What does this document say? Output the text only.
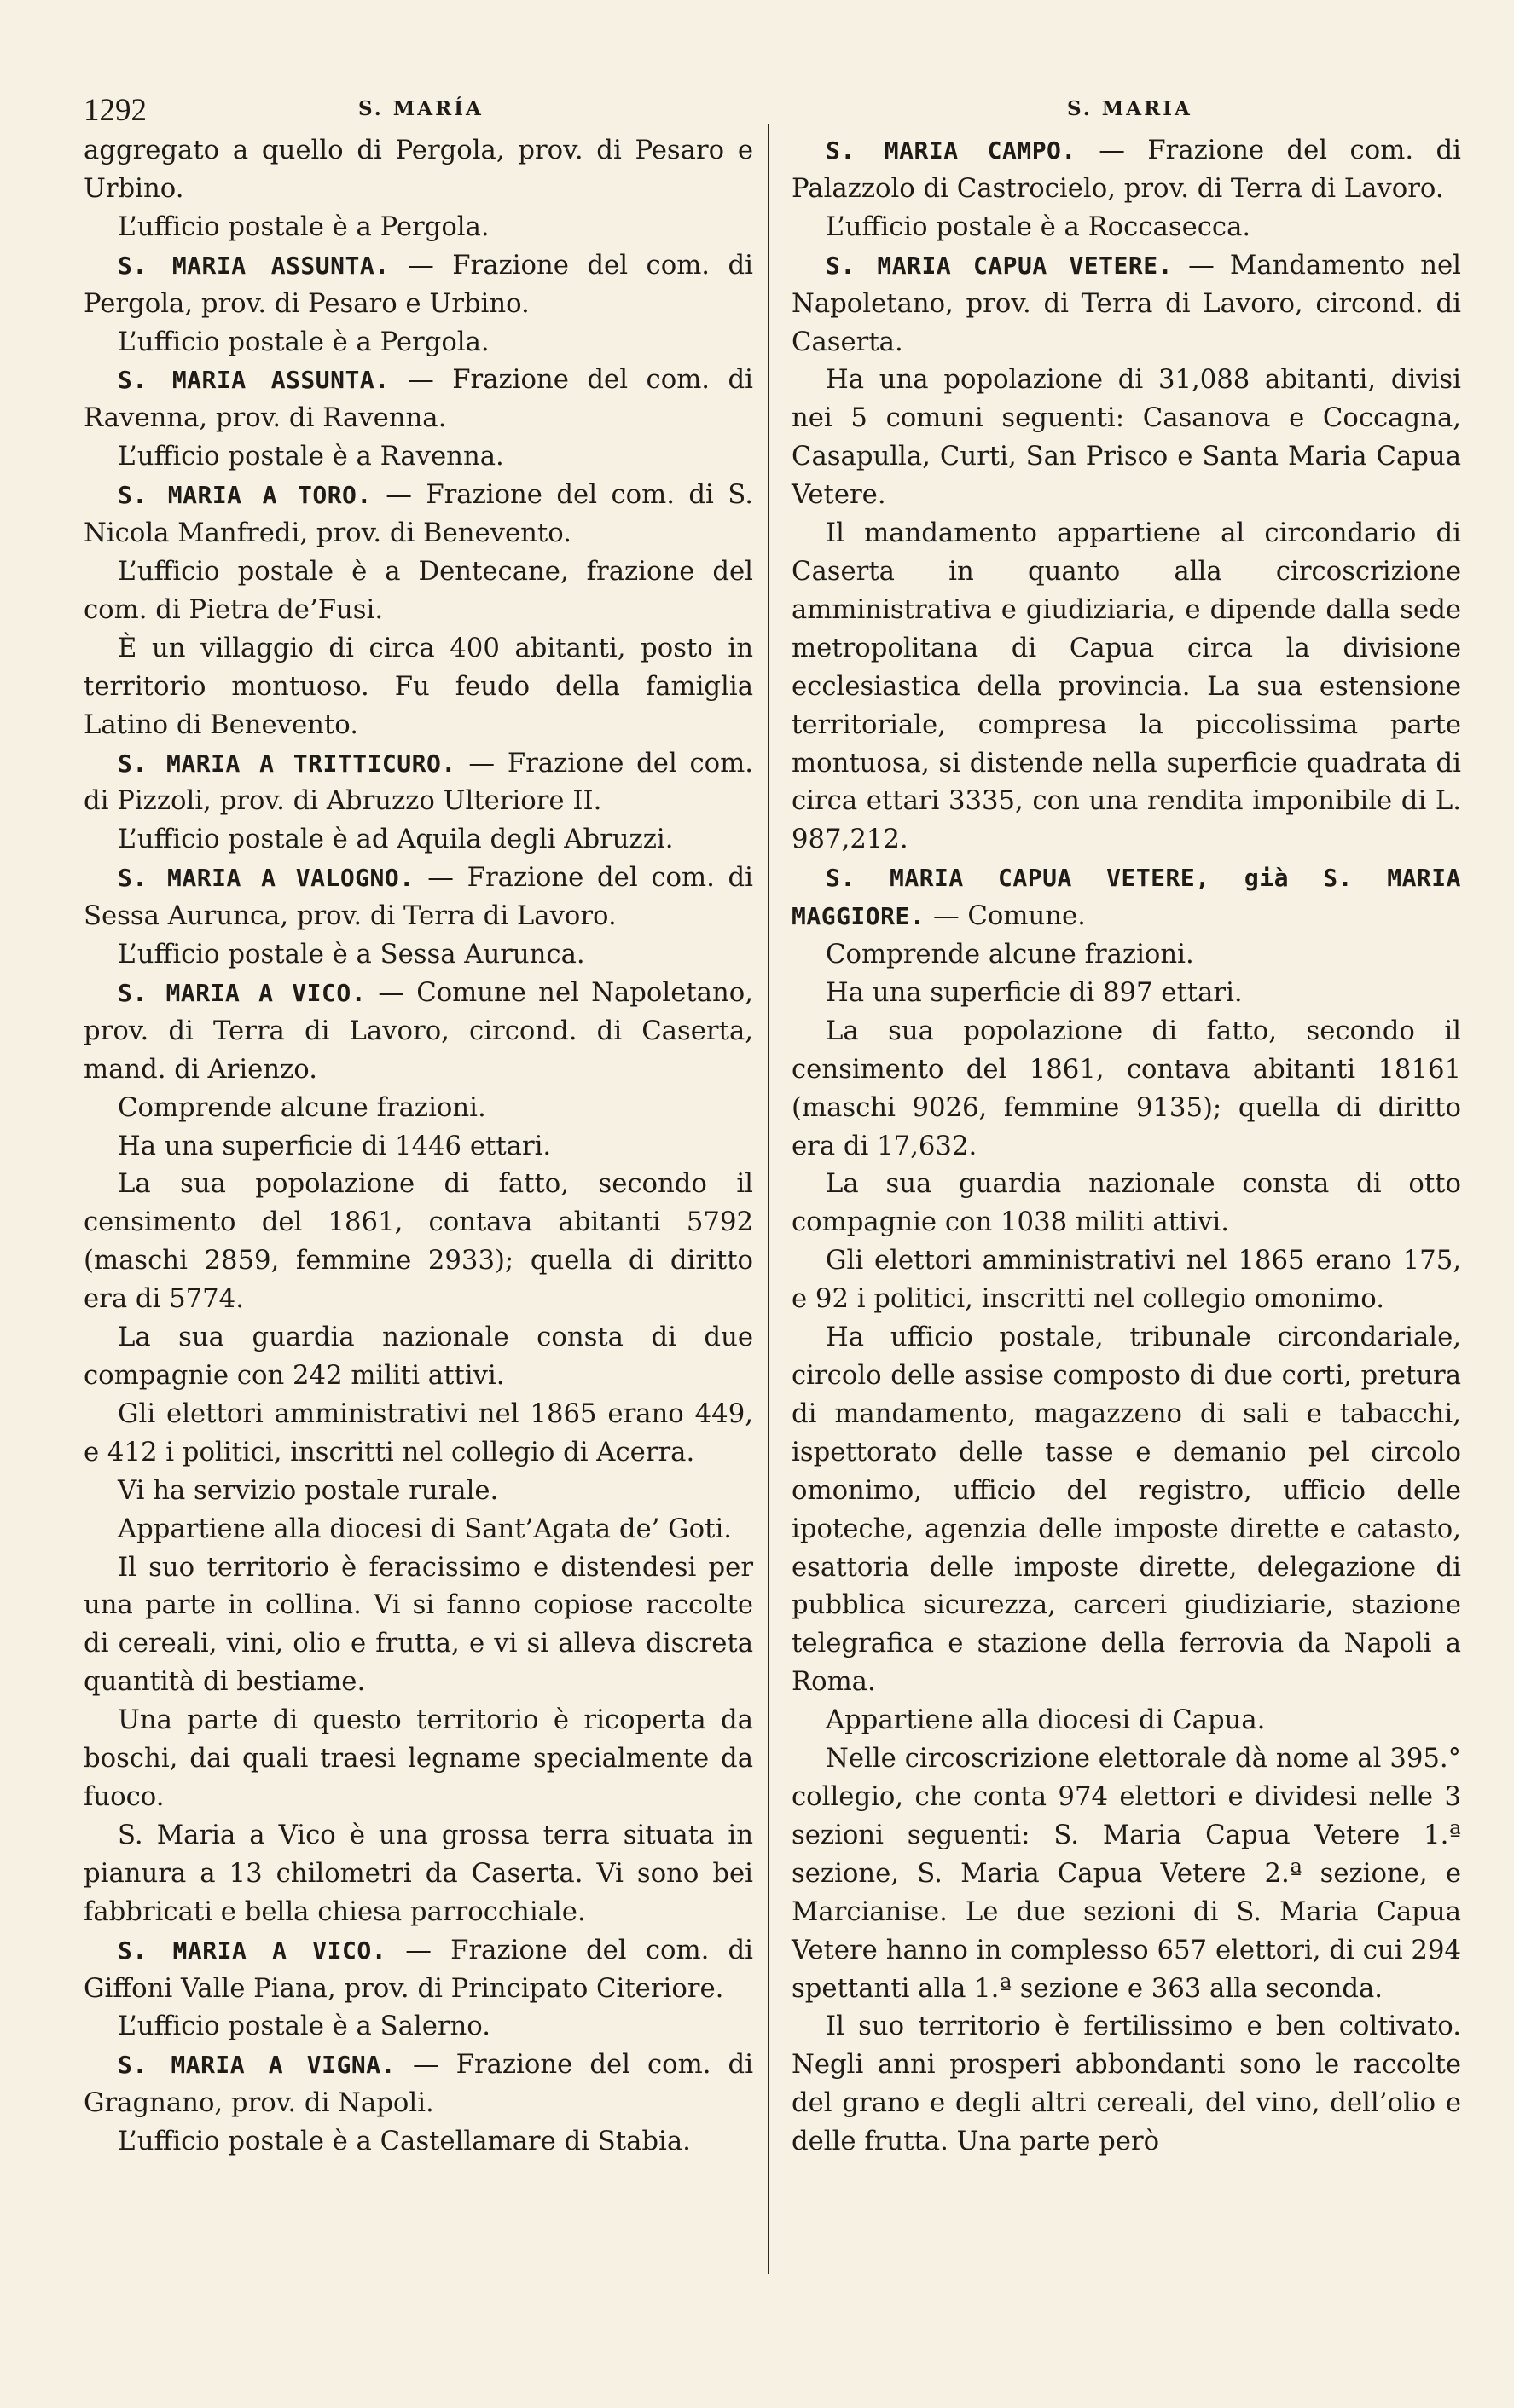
1292	S. MARÍA	S. MARIA

aggregato a quello di Pergola, prov. di Pesaro e Urbino.

L’ufficio postale è a Pergola.

S. MARIA ASSUNTA. — Frazione del com. di Pergola, prov. di Pesaro e Urbino.

L’ufficio postale è a Pergola.

S. MARIA ASSUNTA. — Frazione del com. di Ravenna, prov. di Ravenna.

L’ufficio postale è a Ravenna.

S. MARIA A TORO. — Frazione del com. di S. Nicola Manfredi, prov. di Benevento.

L’ufficio postale è a Dentecane, frazione del com. di Pietra de’Fusi.

È un villaggio di circa 400 abitanti, posto in territorio montuoso. Fu feudo della famiglia Latino di Benevento.

S. MARIA A TRITTICURO. — Frazione del com. di Pizzoli, prov. di Abruzzo Ulteriore II.

L’ufficio postale è ad Aquila degli Abruzzi.

S. MARIA A VALOGNO. — Frazione del com. di Sessa Aurunca, prov. di Terra di Lavoro.

L’ufficio postale è a Sessa Aurunca.

S. MARIA A VICO. — Comune nel Napoletano, prov. di Terra di Lavoro, circond. di Caserta, mand. di Arienzo.

Comprende alcune frazioni.

Ha una superficie di 1446 ettari.

La sua popolazione di fatto, secondo il censimento del 1861, contava abitanti 5792 (maschi 2859, femmine 2933); quella di diritto era di 5774.

La sua guardia nazionale consta di due compagnie con 242 militi attivi.

Gli elettori amministrativi nel 1865 erano 449, e 412 i politici, inscritti nel collegio di Acerra.

Vi ha servizio postale rurale.

Appartiene alla diocesi di Sant’Agata de’ Goti.

Il suo territorio è feracissimo e distendesi per una parte in collina. Vi si fanno copiose raccolte di cereali, vini, olio e frutta, e vi si alleva discreta quantità di bestiame.

Una parte di questo territorio è ricoperta da boschi, dai quali traesi legname specialmente da fuoco.

S. Maria a Vico è una grossa terra situata in pianura a 13 chilometri da Caserta. Vi sono bei fabbricati e bella chiesa parrocchiale.

S. MARIA A VICO. — Frazione del com. di Giffoni Valle Piana, prov. di Principato Citeriore.

L’ufficio postale è a Salerno.

S. MARIA A VIGNA. — Frazione del com. di Gragnano, prov. di Napoli.

L’ufficio postale è a Castellamare di Stabia.

S. MARIA CAMPO. — Frazione del com. di Palazzolo di Castrocielo, prov. di Terra di Lavoro.

L’ufficio postale è a Roccasecca.

S. MARIA CAPUA VETERE. — Mandamento nel Napoletano, prov. di Terra di Lavoro, circond. di Caserta.

Ha una popolazione di 31,088 abitanti, divisi nei 5 comuni seguenti: Casanova e Coccagna, Casapulla, Curti, San Prisco e Santa Maria Capua Vetere.

Il mandamento appartiene al circondario di Caserta in quanto alla circoscrizione amministrativa e giudiziaria, e dipende dalla sede metropolitana di Capua circa la divisione ecclesiastica della provincia. La sua estensione territoriale, compresa la piccolissima parte montuosa, si distende nella superficie quadrata di circa ettari 3335, con una rendita imponibile di L. 987,212.

S. MARIA CAPUA VETERE, già S. MARIA MAGGIORE. — Comune.

Comprende alcune frazioni.

Ha una superficie di 897 ettari.

La sua popolazione di fatto, secondo il censimento del 1861, contava abitanti 18161 (maschi 9026, femmine 9135); quella di diritto era di 17,632.

La sua guardia nazionale consta di otto compagnie con 1038 militi attivi.

Gli elettori amministrativi nel 1865 erano 175, e 92 i politici, inscritti nel collegio omonimo.

Ha ufficio postale, tribunale circondariale, circolo delle assise composto di due corti, pretura di mandamento, magazzeno di sali e tabacchi, ispettorato delle tasse e demanio pel circolo omonimo, ufficio del registro, ufficio delle ipoteche, agenzia delle imposte dirette e catasto, esattoria delle imposte dirette, delegazione di pubblica sicurezza, carceri giudiziarie, stazione telegrafica e stazione della ferrovia da Napoli a Roma.

Appartiene alla diocesi di Capua.

Nelle circoscrizione elettorale dà nome al 395.° collegio, che conta 974 elettori e dividesi nelle 3 sezioni seguenti: S. Maria Capua Vetere 1.ª sezione, S. Maria Capua Vetere 2.ª sezione, e Marcianise. Le due sezioni di S. Maria Capua Vetere hanno in complesso 657 elettori, di cui 294 spettanti alla 1.ª sezione e 363 alla seconda.

Il suo territorio è fertilissimo e ben coltivato. Negli anni prosperi abbondanti sono le raccolte del grano e degli altri cereali, del vino, dell’olio e delle frutta. Una parte però
